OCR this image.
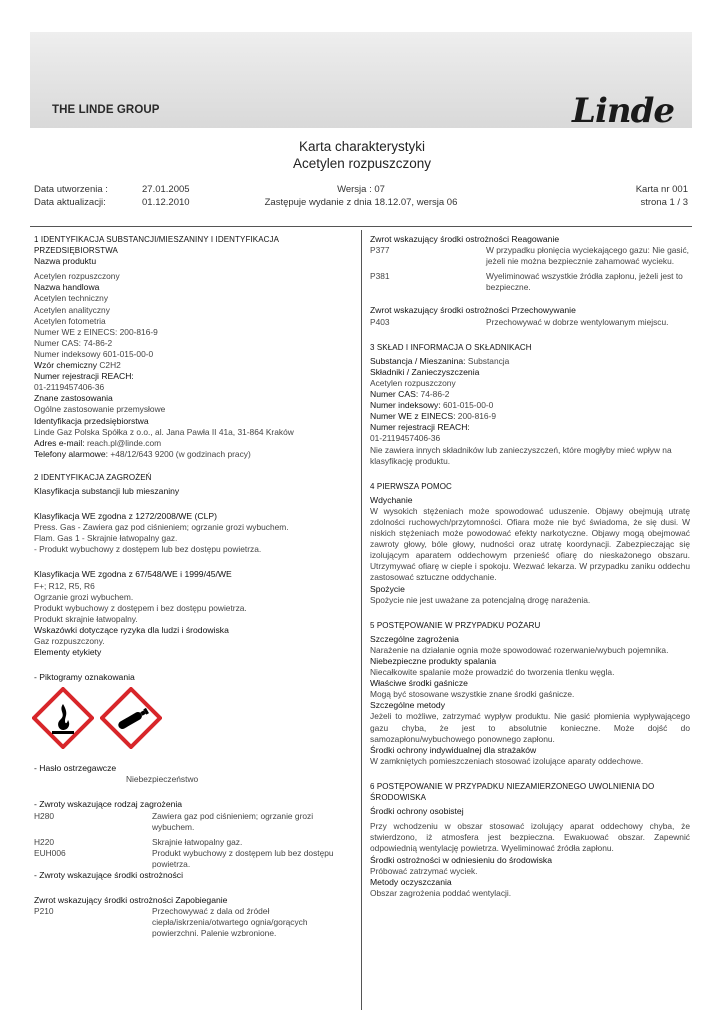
THE LINDE GROUP	Linde
Karta charakterystyki
Acetylen rozpuszczony
Data utworzenia :	27.01.2005	Wersja : 07	Karta nr 001
Data aktualizacji:	01.12.2010	Zastępuje wydanie z dnia 18.12.07, wersja 06	strona 1 / 3

1 IDENTYFIKACJA SUBSTANCJI/MIESZANINY I IDENTYFIKACJA PRZEDSIĘBIORSTWA

Nazwa produktu

Acetylen rozpuszczony

Nazwa handlowa

Acetylen techniczny

Acetylen analityczny

Acetylen fotometria

Numer WE z EINECS: 200-816-9

Numer CAS: 74-86-2

Numer indeksowy 601-015-00-0

Wzór chemiczny C2H2

Numer rejestracji REACH:

01-2119457406-36

Znane zastosowania

Ogólne zastosowanie przemysłowe

Identyfikacja przedsiębiorstwa

Linde Gaz Polska Spółka z o.o., al. Jana Pawła II 41a, 31-864 Kraków

Adres e-mail: reach.pl@linde.com

Telefony alarmowe: +48/12/643 9200 (w godzinach pracy)

2 IDENTYFIKACJA ZAGROŻEŃ

Klasyfikacja substancji lub mieszaniny

Klasyfikacja WE zgodna z 1272/2008/WE (CLP)

Press. Gas - Zawiera gaz pod ciśnieniem; ogrzanie grozi wybuchem.

Flam. Gas 1 - Skrajnie łatwopalny gaz.

- Produkt wybuchowy z dostępem lub bez dostępu powietrza.

Klasyfikacja WE zgodna z 67/548/WE i 1999/45/WE

F+; R12, R5, R6

Ogrzanie grozi wybuchem.

Produkt wybuchowy z dostępem i bez dostępu powietrza.

Produkt skrajnie łatwopalny.

Wskazówki dotyczące ryzyka dla ludzi i środowiska

Gaz rozpuszczony.

Elementy etykiety

- Piktogramy oznakowania

- Hasło ostrzegawcze

Niebezpieczeństwo

- Zwroty wskazujące rodzaj zagrożenia

H280	Zawiera gaz pod ciśnieniem; ogrzanie grozi wybuchem.
H220	Skrajnie łatwopalny gaz.
EUH006	Produkt wybuchowy z dostępem lub bez dostępu powietrza.

- Zwroty wskazujące środki ostrożności

Zwrot wskazujący środki ostrożności Zapobieganie

P210	Przechowywać z dala od źródeł ciepła/iskrzenia/otwartego ognia/gorących powierzchni. Palenie wzbronione.

Zwrot wskazujący środki ostrożności Reagowanie

P377	W przypadku płonięcia wyciekającego gazu: Nie gasić, jeżeli nie można bezpiecznie zahamować wycieku.
P381	Wyeliminować wszystkie źródła zapłonu, jeżeli jest to bezpieczne.

Zwrot wskazujący środki ostrożności Przechowywanie

P403	Przechowywać w dobrze wentylowanym miejscu.

3 SKŁAD I INFORMACJA O SKŁADNIKACH

Substancja / Mieszanina: Substancja

Składniki / Zanieczyszczenia

Acetylen rozpuszczony

Numer CAS: 74-86-2

Numer indeksowy: 601-015-00-0

Numer WE z EINECS: 200-816-9

Numer rejestracji REACH:

01-2119457406-36

Nie zawiera innych składników lub zanieczyszczeń, które mogłyby mieć wpływ na klasyfikację produktu.

4 PIERWSZA POMOC

Wdychanie

W wysokich stężeniach może spowodować uduszenie. Objawy obejmują utratę zdolności ruchowych/przytomności. Ofiara może nie być świadoma, że się dusi. W niskich stężeniach może powodować efekty narkotyczne. Objawy mogą obejmować zawroty głowy, bóle głowy, nudności oraz utratę koordynacji. Zabezpieczając się izolującym aparatem oddechowym przenieść ofiarę do nieskażonego obszaru. Utrzymywać ofiarę w cieple i spokoju. Wezwać lekarza. W przypadku zaniku oddechu zastosować sztuczne oddychanie.

Spożycie

Spożycie nie jest uważane za potencjalną drogę narażenia.

5 POSTĘPOWANIE W PRZYPADKU POŻARU

Szczególne zagrożenia

Narażenie na działanie ognia może spowodować rozerwanie/wybuch pojemnika.

Niebezpieczne produkty spalania

Niecałkowite spalanie może prowadzić do tworzenia tlenku węgla.

Właściwe środki gaśnicze

Mogą być stosowane wszystkie znane środki gaśnicze.

Szczególne metody

Jeżeli to możliwe, zatrzymać wypływ produktu. Nie gasić płomienia wypływającego gazu chyba, że jest to absolutnie konieczne. Może dojść do samozapłonu/wybuchowego ponownego zapłonu.

Środki ochrony indywidualnej dla strażaków

W zamkniętych pomieszczeniach stosować izolujące aparaty oddechowe.

6 POSTĘPOWANIE W PRZYPADKU NIEZAMIERZONEGO UWOLNIENIA DO ŚRODOWISKA

Środki ochrony osobistej

Przy wchodzeniu w obszar stosować izolujący aparat oddechowy chyba, że stwierdzono, iż atmosfera jest bezpieczna. Ewakuować obszar. Zapewnić odpowiednią wentylację powietrza. Wyeliminować źródła zapłonu.

Środki ostrożności w odniesieniu do środowiska

Próbować zatrzymać wyciek.

Metody oczyszczania

Obszar zagrożenia poddać wentylacji.
